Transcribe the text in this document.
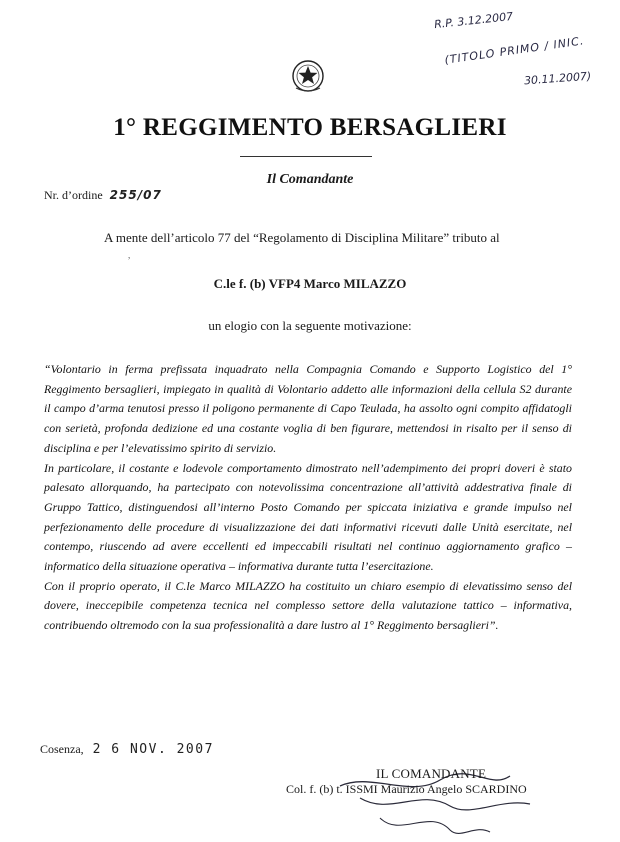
R.P. 3.12.2007
(TITOLO PRIMO / INIC.
30.11.2007)
1° REGGIMENTO BERSAGLIERI
Il Comandante
Nr. d’ordine 255/07
A mente dell’articolo 77 del “Regolamento di Disciplina Militare” tributo al
,
C.le f. (b) VFP4 Marco MILAZZO
un elogio con la seguente motivazione:

“Volontario in ferma prefissata inquadrato nella Compagnia Comando e Supporto Logistico del 1° Reggimento bersaglieri, impiegato in qualità di Volontario addetto alle informazioni della cellula S2 durante il campo d’arma tenutosi presso il poligono permanente di Capo Teulada, ha assolto ogni compito affidatogli con serietà, profonda dedizione ed una costante voglia di ben figurare, mettendosi in risalto per il senso di disciplina e per l’elevatissimo spirito di servizio.

In particolare, il costante e lodevole comportamento dimostrato nell’adempimento dei propri doveri è stato palesato allorquando, ha partecipato con notevolissima concentrazione all’attività addestrativa finale di Gruppo Tattico, distinguendosi all’interno Posto Comando per spiccata iniziativa e grande impulso nel perfezionamento delle procedure di visualizzazione dei dati informativi ricevuti dalle Unità esercitate, nel contempo, riuscendo ad avere eccellenti ed impeccabili risultati nel continuo aggiornamento grafico – informatico della situazione operativa – informativa durante tutta l’esercitazione.

Con il proprio operato, il C.le Marco MILAZZO ha costituito un chiaro esempio di elevatissimo senso del dovere, ineccepibile competenza tecnica nel complesso settore della valutazione tattico – informativa, contribuendo oltremodo con la sua professionalità a dare lustro al 1° Reggimento bersaglieri”.

Cosenza, 2 6 NOV. 2007
IL COMANDANTE
Col. f. (b) t. ISSMI Maurizio Angelo SCARDINO
